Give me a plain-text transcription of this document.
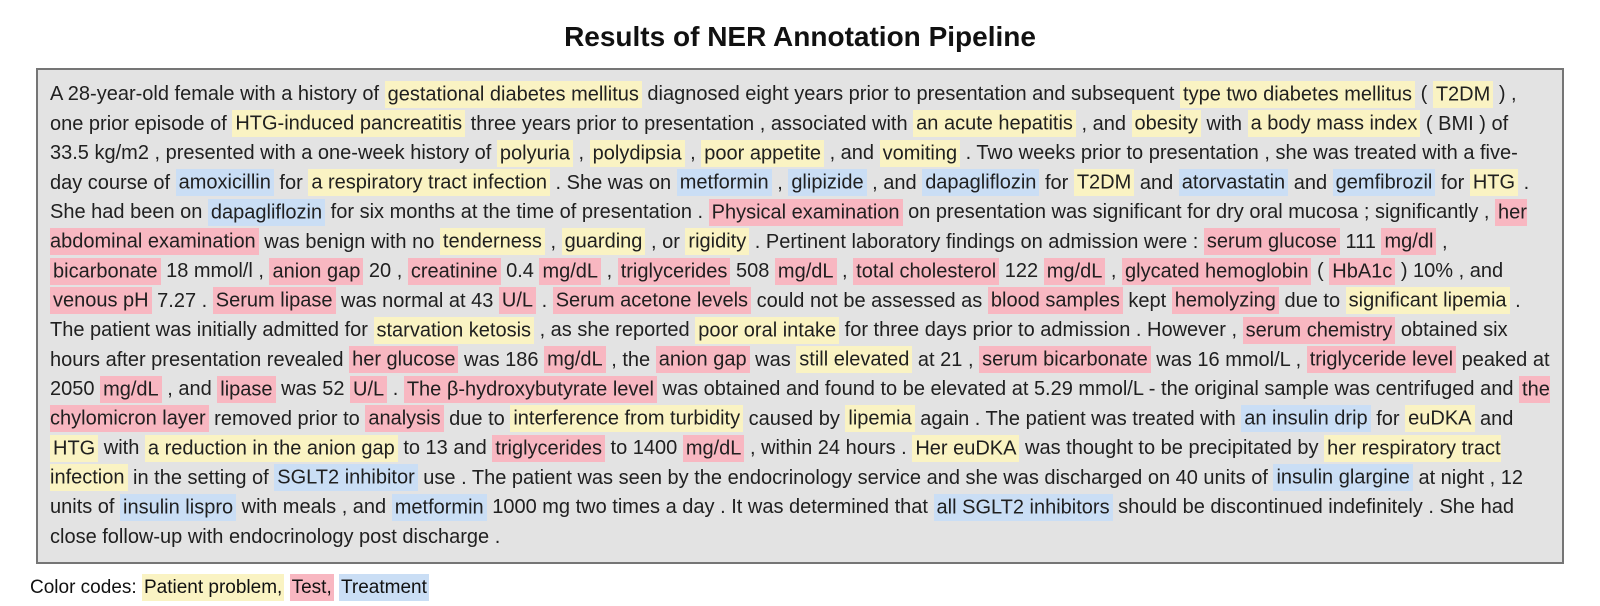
Results of NER Annotation Pipeline

A 28-year-old female with a history of gestational diabetes mellitus diagnosed eight years prior to presentation and subsequent type two diabetes mellitus ( T2DM ) , one prior episode of HTG-induced pancreatitis three years prior to presentation , associated with an acute hepatitis , and obesity with a body mass index ( BMI ) of 33.5 kg/m2 , presented with a one-week history of polyuria , polydipsia , poor appetite , and vomiting . Two weeks prior to presentation , she was treated with a five-day course of amoxicillin for a respiratory tract infection . She was on metformin , glipizide , and dapagliflozin for T2DM and atorvastatin and gemfibrozil for HTG . She had been on dapagliflozin for six months at the time of presentation . Physical examination on presentation was significant for dry oral mucosa ; significantly , her abdominal examination was benign with no tenderness , guarding , or rigidity . Pertinent laboratory findings on admission were : serum glucose 111 mg/dl , bicarbonate 18 mmol/l , anion gap 20 , creatinine 0.4 mg/dL , triglycerides 508 mg/dL , total cholesterol 122 mg/dL , glycated hemoglobin ( HbA1c ) 10% , and venous pH 7.27 . Serum lipase was normal at 43 U/L . Serum acetone levels could not be assessed as blood samples kept hemolyzing due to significant lipemia . The patient was initially admitted for starvation ketosis , as she reported poor oral intake for three days prior to admission . However , serum chemistry obtained six hours after presentation revealed her glucose was 186 mg/dL , the anion gap was still elevated at 21 , serum bicarbonate was 16 mmol/L , triglyceride level peaked at 2050 mg/dL , and lipase was 52 U/L . The β-hydroxybutyrate level was obtained and found to be elevated at 5.29 mmol/L - the original sample was centrifuged and the chylomicron layer removed prior to analysis due to interference from turbidity caused by lipemia again . The patient was treated with an insulin drip for euDKA and HTG with a reduction in the anion gap to 13 and triglycerides to 1400 mg/dL , within 24 hours . Her euDKA was thought to be precipitated by her respiratory tract infection in the setting of SGLT2 inhibitor use . The patient was seen by the endocrinology service and she was discharged on 40 units of insulin glargine at night , 12 units of insulin lispro with meals , and metformin 1000 mg two times a day . It was determined that all SGLT2 inhibitors should be discontinued indefinitely . She had close follow-up with endocrinology post discharge .

Color codes: Patient problem, Test, Treatment
